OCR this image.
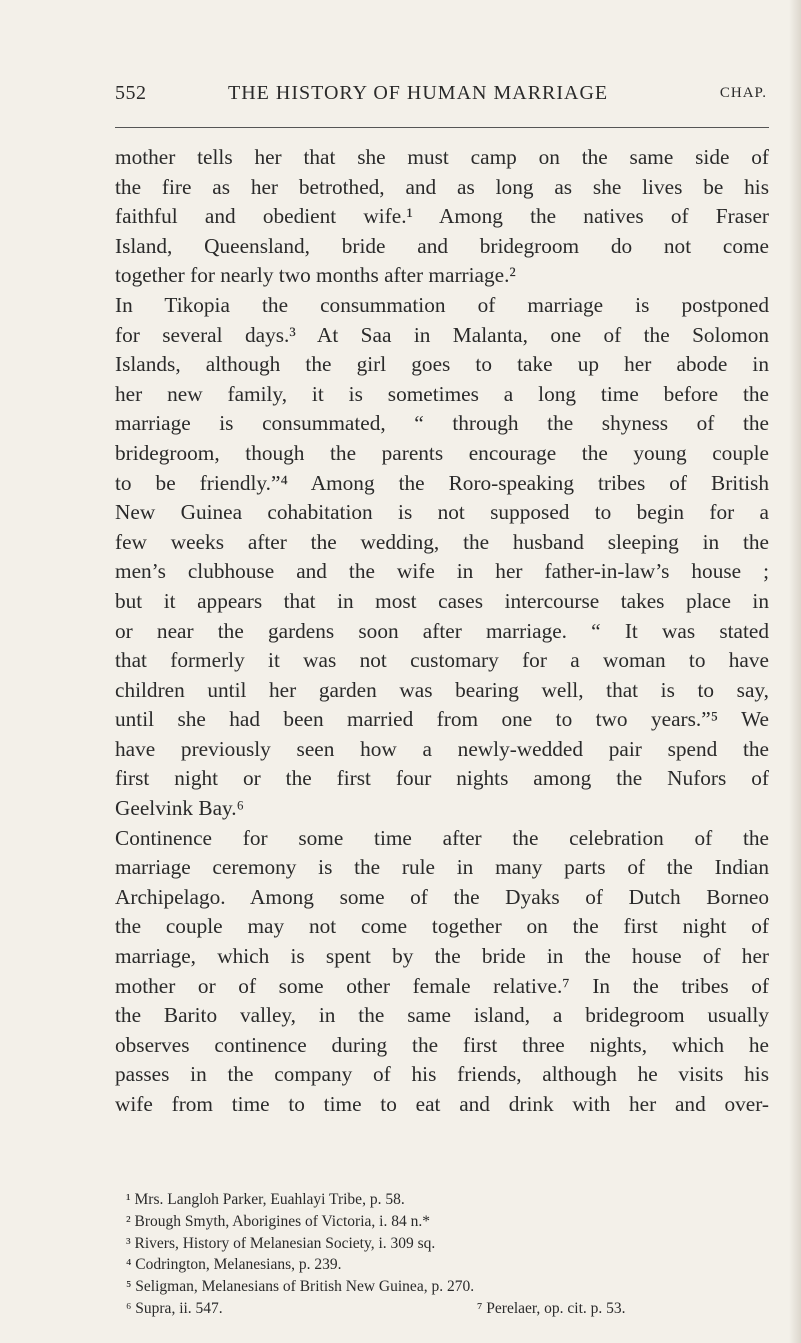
552	THE HISTORY OF HUMAN MARRIAGE	CHAP.
mother tells her that she must camp on the same side of
the fire as her betrothed, and as long as she lives be his
faithful and obedient wife.¹ Among the natives of Fraser
Island, Queensland, bride and bridegroom do not come
together for nearly two months after marriage.²
In Tikopia the consummation of marriage is postponed
for several days.³ At Saa in Malanta, one of the Solomon
Islands, although the girl goes to take up her abode in
her new family, it is sometimes a long time before the
marriage is consummated, “ through the shyness of the
bridegroom, though the parents encourage the young couple
to be friendly.”⁴ Among the Roro-speaking tribes of British
New Guinea cohabitation is not supposed to begin for a
few weeks after the wedding, the husband sleeping in the
men’s clubhouse and the wife in her father-in-law’s house ;
but it appears that in most cases intercourse takes place in
or near the gardens soon after marriage. “ It was stated
that formerly it was not customary for a woman to have
children until her garden was bearing well, that is to say,
until she had been married from one to two years.”⁵ We
have previously seen how a newly-wedded pair spend the
first night or the first four nights among the Nufors of
Geelvink Bay.⁶
Continence for some time after the celebration of the
marriage ceremony is the rule in many parts of the Indian
Archipelago. Among some of the Dyaks of Dutch Borneo
the couple may not come together on the first night of
marriage, which is spent by the bride in the house of her
mother or of some other female relative.⁷ In the tribes of
the Barito valley, in the same island, a bridegroom usually
observes continence during the first three nights, which he
passes in the company of his friends, although he visits his
wife from time to time to eat and drink with her and over-
¹ Mrs. Langloh Parker, Euahlayi Tribe, p. 58.
² Brough Smyth, Aborigines of Victoria, i. 84 n.*
³ Rivers, History of Melanesian Society, i. 309 sq.
⁴ Codrington, Melanesians, p. 239.
⁵ Seligman, Melanesians of British New Guinea, p. 270.
⁶ Supra, ii. 547.	⁷ Perelaer, op. cit. p. 53.
